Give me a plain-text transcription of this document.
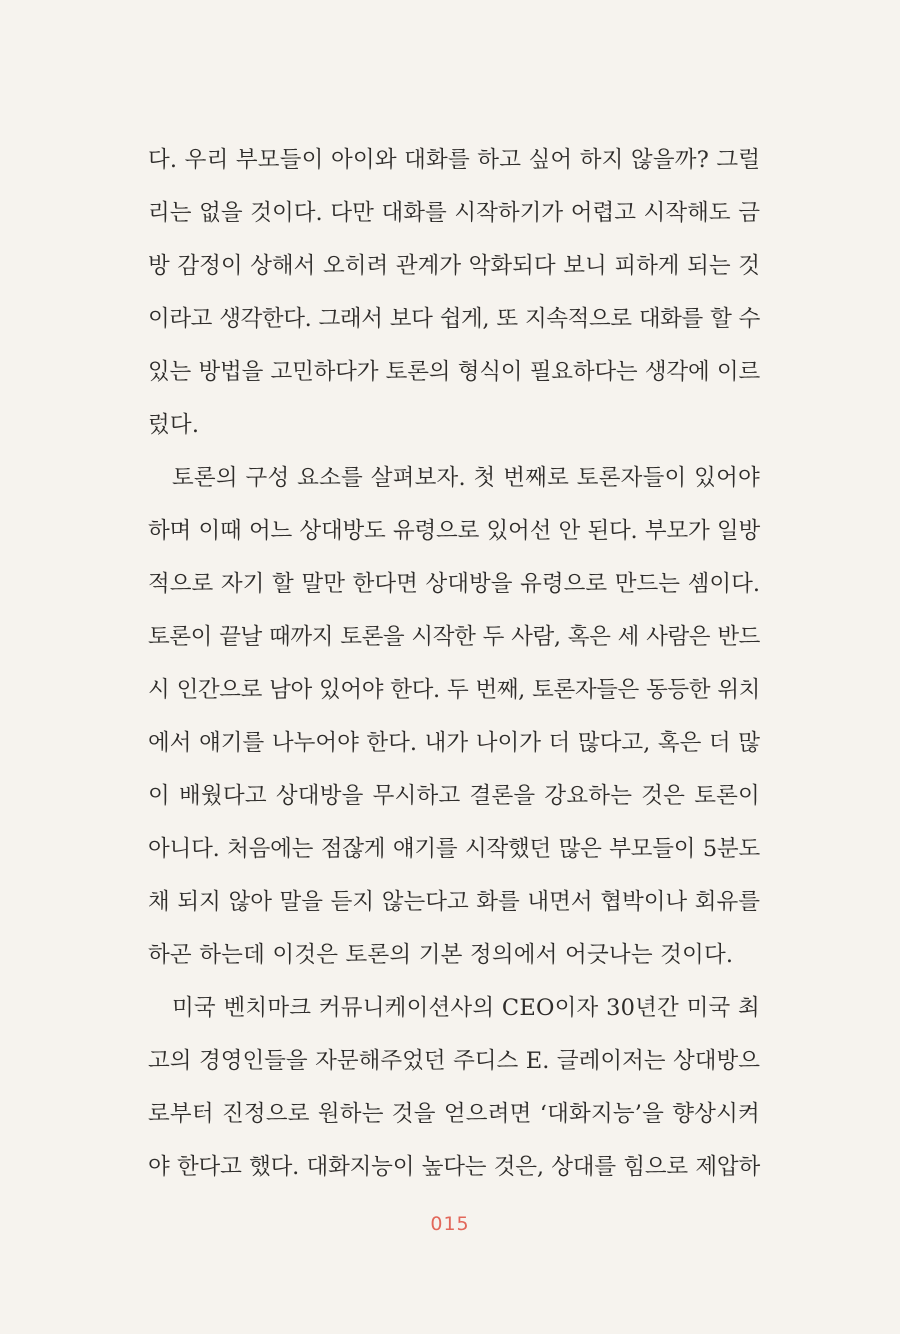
다. 우리 부모들이 아이와 대화를 하고 싶어 하지 않을까? 그럴
리는 없을 것이다. 다만 대화를 시작하기가 어렵고 시작해도 금
방 감정이 상해서 오히려 관계가 악화되다 보니 피하게 되는 것
이라고 생각한다. 그래서 보다 쉽게, 또 지속적으로 대화를 할 수
있는 방법을 고민하다가 토론의 형식이 필요하다는 생각에 이르
렀다.
토론의 구성 요소를 살펴보자. 첫 번째로 토론자들이 있어야
하며 이때 어느 상대방도 유령으로 있어선 안 된다. 부모가 일방
적으로 자기 할 말만 한다면 상대방을 유령으로 만드는 셈이다.
토론이 끝날 때까지 토론을 시작한 두 사람, 혹은 세 사람은 반드
시 인간으로 남아 있어야 한다. 두 번째, 토론자들은 동등한 위치
에서 얘기를 나누어야 한다. 내가 나이가 더 많다고, 혹은 더 많
이 배웠다고 상대방을 무시하고 결론을 강요하는 것은 토론이
아니다. 처음에는 점잖게 얘기를 시작했던 많은 부모들이 5분도
채 되지 않아 말을 듣지 않는다고 화를 내면서 협박이나 회유를
하곤 하는데 이것은 토론의 기본 정의에서 어긋나는 것이다.
미국 벤치마크 커뮤니케이션사의 CEO이자 30년간 미국 최
고의 경영인들을 자문해주었던 주디스 E. 글레이저는 상대방으
로부터 진정으로 원하는 것을 얻으려면 ‘대화지능’을 향상시켜
야 한다고 했다. 대화지능이 높다는 것은, 상대를 힘으로 제압하
015
